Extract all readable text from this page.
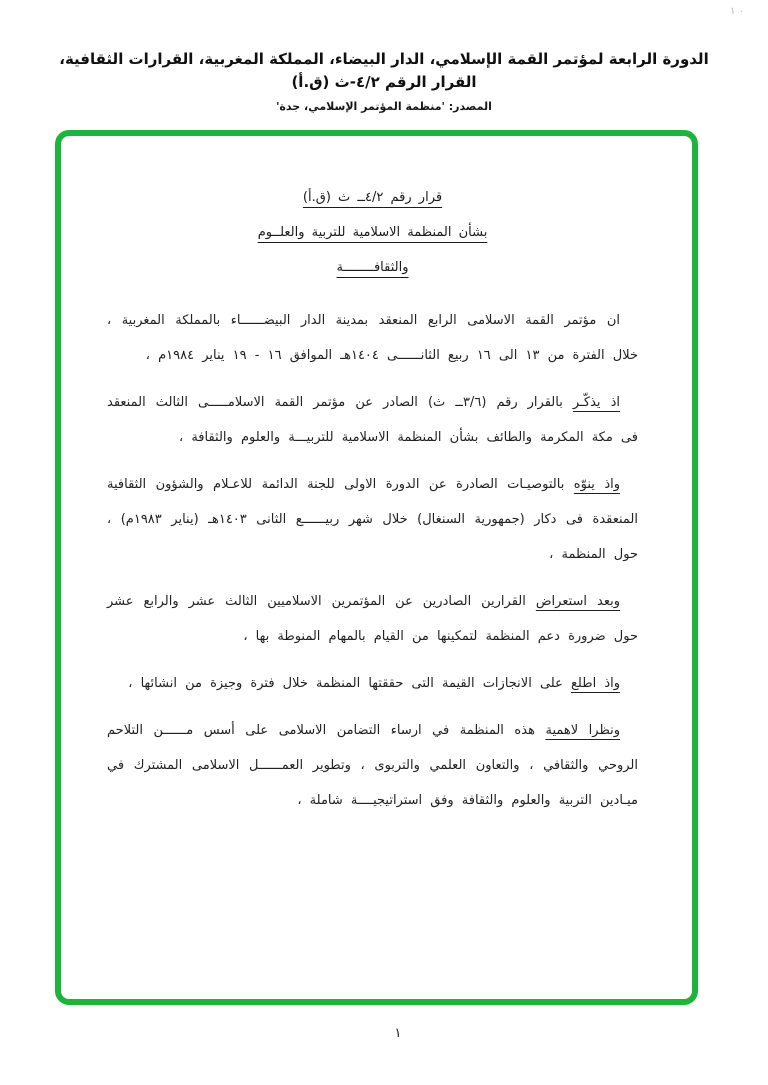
٠ ١
الدورة الرابعة لمؤتمر القمة الإسلامي، الدار البيضاء، المملكة المغربية، القرارات الثقافية، القرار الرقم ٤/٢-ث (ق.أ)
المصدر: 'منظمة المؤتمر الإسلامي، جدة'
قرار رقم ٤/٢ــ ث (ق.أ)
بشأن المنظمة الاسلامية للتربية والعلــوم
والثقافــــــــة

ان مؤتمر القمة الاسلامى الرابع المنعقد بمدينة الدار البيضــــــاء بالمملكة المغربية ، خلال الفترة من ١٣ الى ١٦ ربيع الثانــــــى ١٤٠٤هـ الموافق ١٦ - ١٩ يناير ١٩٨٤م ،

اذ يذكّـر بالقرار رقم (٣/٦ــ ث) الصادر عن مؤتمر القمة الاسلامـــــى الثالث المنعقد فى مكة المكرمة والطائف بشأن المنظمة الاسلامية للتربيـــة والعلوم والثقافة ،

واذ ينوّه بالتوصيـات الصادرة عن الدورة الاولى للجنة الدائمة للاعـلام والشؤون الثقافية المنعقدة فى دكار (جمهورية السنغال) خلال شهر ربيــــــع الثانى ١٤٠٣هـ (يناير ١٩٨٣م) ، حول المنظمة ،

وبعد استعراض القرارين الصادرين عن المؤتمرين الاسلاميين الثالث عشر والرابع عشر حول ضرورة دعم المنظمة لتمكينها من القيام بالمهام المنوطة بها ،

واذ اطلع على الانجازات القيمة التى حققتها المنظمة خلال فترة وجيزة من انشائها ،

ونظرا لاهمية هذه المنظمة في ارساء التضامن الاسلامى على أسس مــــــن التلاحم الروحي والثقافي ، والتعاون العلمي والتربوى ، وتطوير العمــــــل الاسلامى المشترك في ميـادين التربية والعلوم والثقافة وفق استراتيجيــــة شاملة ،

١
